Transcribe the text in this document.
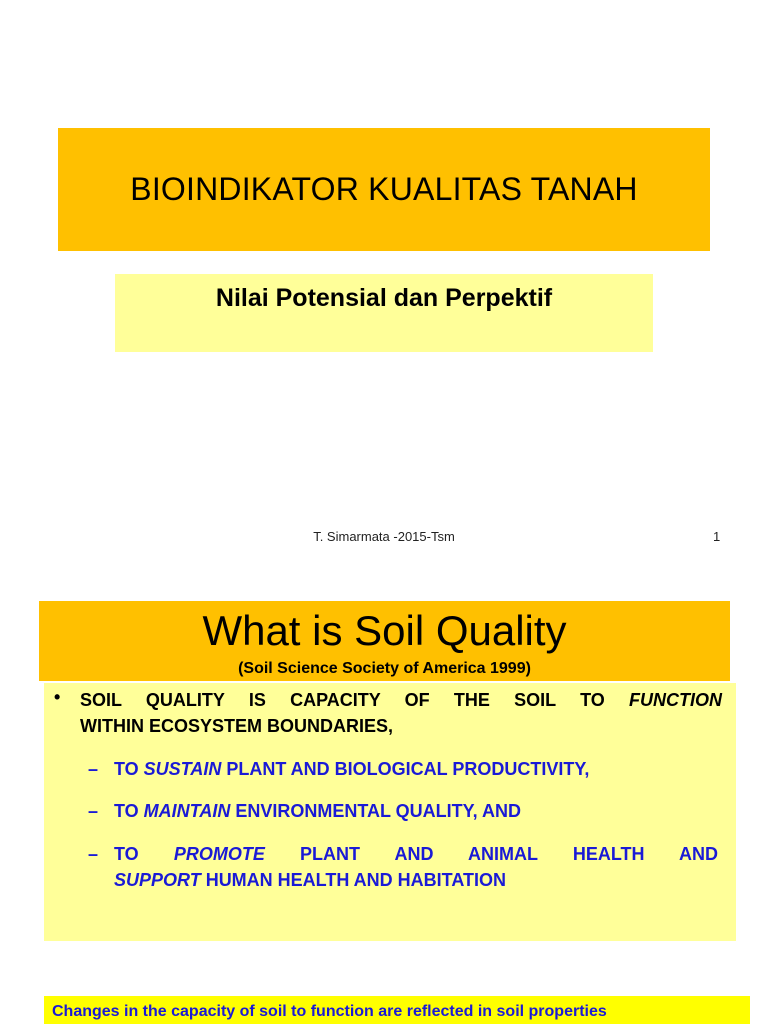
BIOINDIKATOR KUALITAS TANAH
Nilai Potensial dan Perpektif
T. Simarmata -2015-Tsm	1
What is Soil Quality
(Soil Science Society of America 1999)
• SOIL QUALITY IS CAPACITY OF THE SOIL TO FUNCTION
WITHIN ECOSYSTEM BOUNDARIES,
– TO SUSTAIN PLANT AND BIOLOGICAL PRODUCTIVITY,
– TO MAINTAIN ENVIRONMENTAL QUALITY, AND
– TO PROMOTE PLANT AND ANIMAL HEALTH AND
SUPPORT HUMAN HEALTH AND HABITATION
Changes in the capacity of soil to function are reflected in soil properties
